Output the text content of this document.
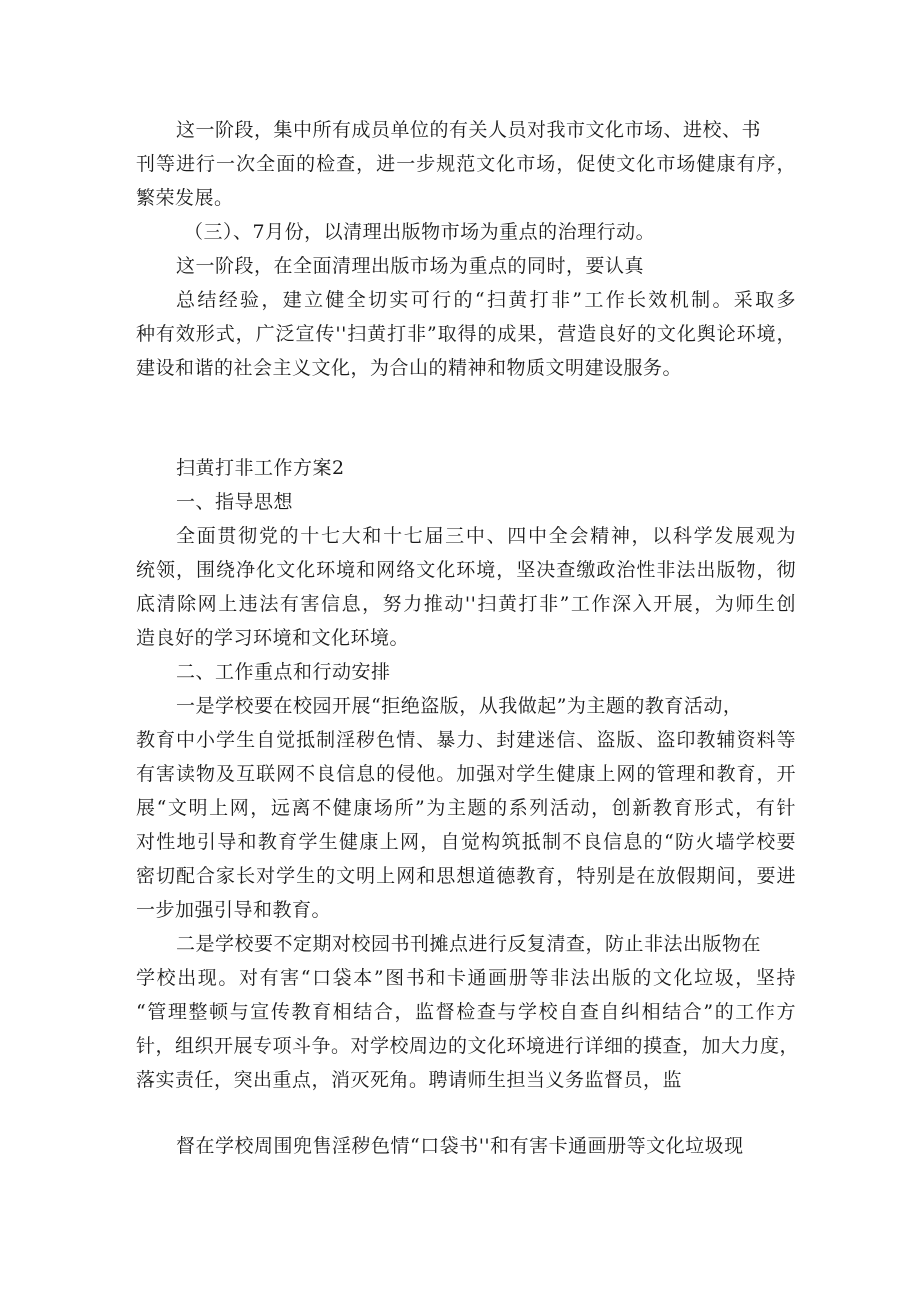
这一阶段，集中所有成员单位的有关人员对我市文化市场、进校、书
刊等进行一次全面的检查，进一步规范文化市场，促使文化市场健康有序，
繁荣发展。
（三）、7月份，以清理出版物市场为重点的治理行动。
这一阶段，在全面清理出版市场为重点的同时，要认真
总结经验，建立健全切实可行的“扫黄打非”工作长效机制。采取多
种有效形式，广泛宣传''扫黄打非”取得的成果，营造良好的文化舆论环境，
建设和谐的社会主义文化，为合山的精神和物质文明建设服务。
扫黄打非工作方案2
一、指导思想
全面贯彻党的十七大和十七届三中、四中全会精神，以科学发展观为
统领，围绕净化文化环境和网络文化环境，坚决查缴政治性非法出版物，彻
底清除网上违法有害信息，努力推动''扫黄打非”工作深入开展，为师生创
造良好的学习环境和文化环境。
二、工作重点和行动安排
一是学校要在校园开展“拒绝盗版，从我做起”为主题的教育活动，
教育中小学生自觉抵制淫秽色情、暴力、封建迷信、盗版、盗印教辅资料等
有害读物及互联网不良信息的侵他。加强对学生健康上网的管理和教育，开
展“文明上网，远离不健康场所”为主题的系列活动，创新教育形式，有针
对性地引导和教育学生健康上网，自觉构筑抵制不良信息的“防火墙学校要
密切配合家长对学生的文明上网和思想道德教育，特别是在放假期间，要进
一步加强引导和教育。
二是学校要不定期对校园书刊摊点进行反复清查，防止非法出版物在
学校出现。对有害“口袋本”图书和卡通画册等非法出版的文化垃圾，坚持
“管理整顿与宣传教育相结合，监督检查与学校自查自纠相结合”的工作方
针，组织开展专项斗争。对学校周边的文化环境进行详细的摸查，加大力度，
落实责任，突出重点，消灭死角。聘请师生担当义务监督员，监
督在学校周围兜售淫秽色情“口袋书''和有害卡通画册等文化垃圾现
